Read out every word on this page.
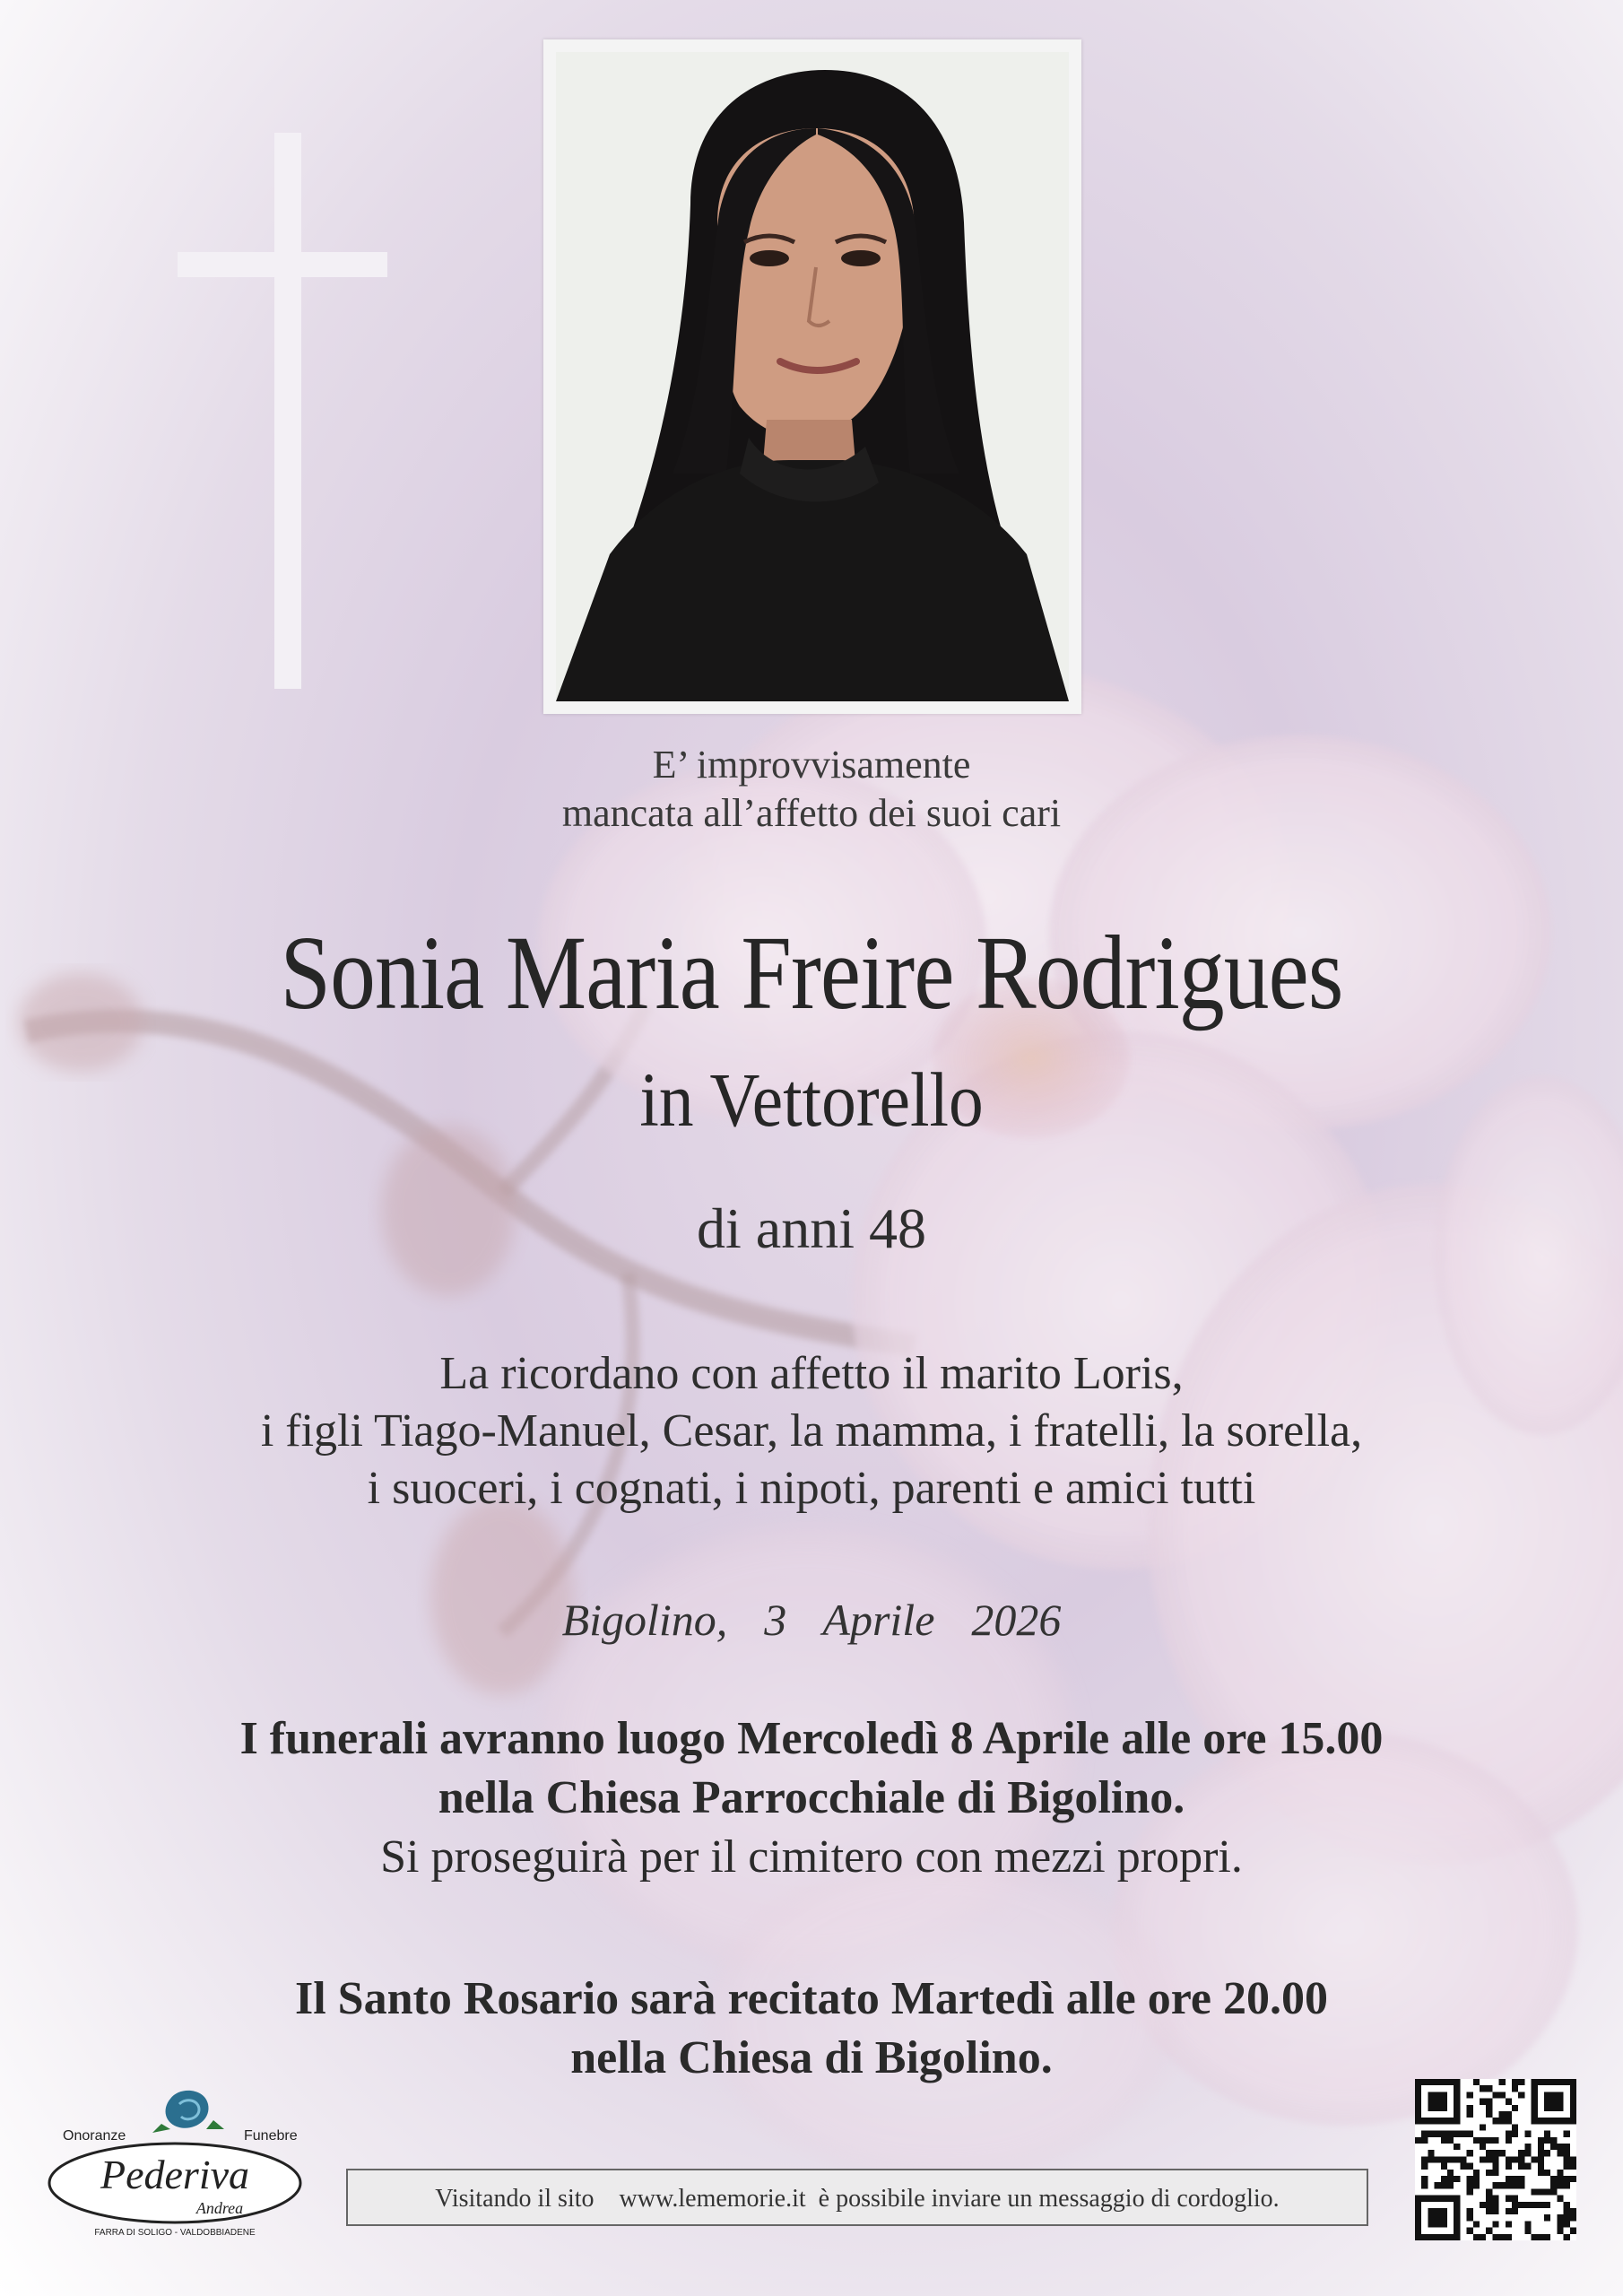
E’ improvvisamente
mancata all’affetto dei suoi cari
Sonia Maria Freire Rodrigues
in Vettorello
di anni 48
La ricordano con affetto il marito Loris,
i figli Tiago-Manuel, Cesar, la mamma, i fratelli, la sorella,
i suoceri, i cognati, i nipoti, parenti e amici tutti
Bigolino,  3  Aprile  2026
I funerali avranno luogo Mercoledì 8 Aprile alle ore 15.00
nella Chiesa Parrocchiale di Bigolino.
Si proseguirà per il cimitero con mezzi propri.
Il Santo Rosario sarà recitato Martedì alle ore 20.00
nella Chiesa di Bigolino.
Onoranze	Funebre
Pederiva
Andrea
FARRA DI SOLIGO - VALDOBBIADENE
Visitando il sito www.lememorie.it è possibile inviare un messaggio di cordoglio.
